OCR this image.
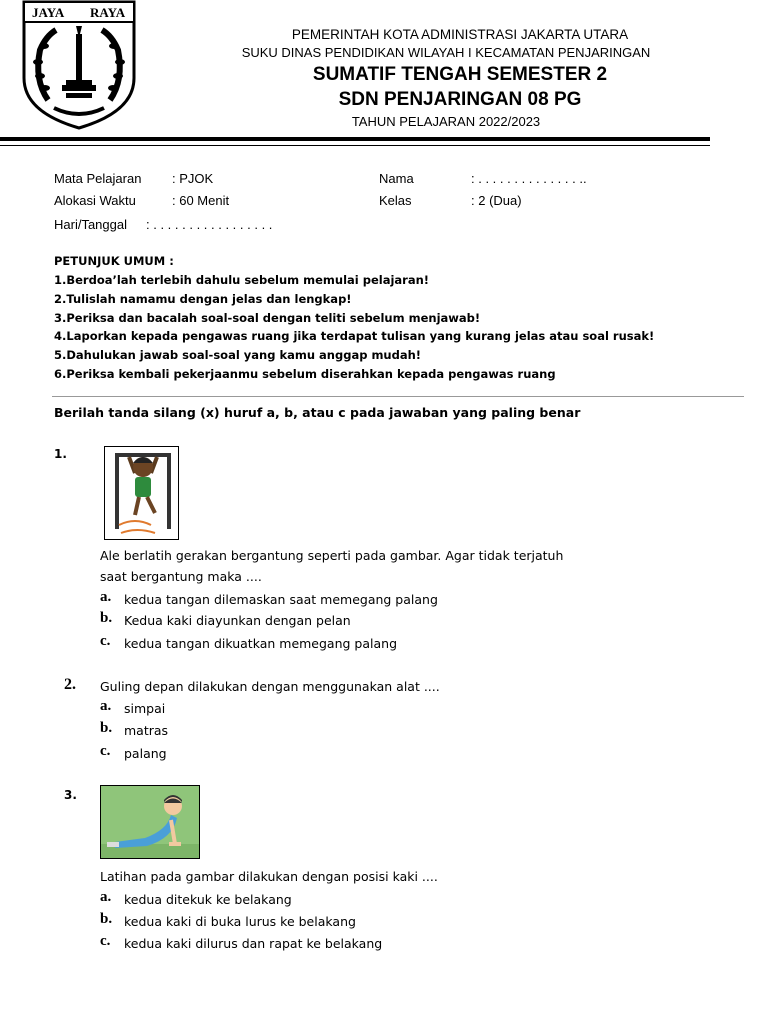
JAYA RAYA
PEMERINTAH KOTA ADMINISTRASI JAKARTA UTARA
SUKU DINAS PENDIDIKAN WILAYAH I KECAMATAN PENJARINGAN
SUMATIF TENGAH SEMESTER 2
SDN PENJARINGAN 08 PG
TAHUN PELAJARAN 2022/2023
Mata Pelajaran : PJOK
Alokasi Waktu	: 60 Menit
Hari/Tanggal : . . . . . . . . . . . . . . . . .
Nama	: . . . . . . . . . . . . . . ..
Kelas	: 2 (Dua)
PETUNJUK UMUM :
1.Berdoa’lah terlebih dahulu sebelum memulai pelajaran!
2.Tulislah namamu dengan jelas dan lengkap!
3.Periksa dan bacalah soal-soal dengan teliti sebelum menjawab!
4.Laporkan kepada pengawas ruang jika terdapat tulisan yang kurang jelas atau soal rusak!
5.Dahulukan jawab soal-soal yang kamu anggap mudah!
6.Periksa kembali pekerjaanmu sebelum diserahkan kepada pengawas ruang
Berilah tanda silang (x) huruf a, b, atau c pada jawaban yang paling benar
1.
Ale berlatih gerakan bergantung seperti pada gambar. Agar tidak terjatuh
saat bergantung maka ....
a. kedua tangan dilemaskan saat memegang palang
b. Kedua kaki diayunkan dengan pelan
c. kedua tangan dikuatkan memegang palang
2. Guling depan dilakukan dengan menggunakan alat ....
a. simpai
b. matras
c. palang
3.
Latihan pada gambar dilakukan dengan posisi kaki ....
a. kedua ditekuk ke belakang
b. kedua kaki di buka lurus ke belakang
c. kedua kaki dilurus dan rapat ke belakang
